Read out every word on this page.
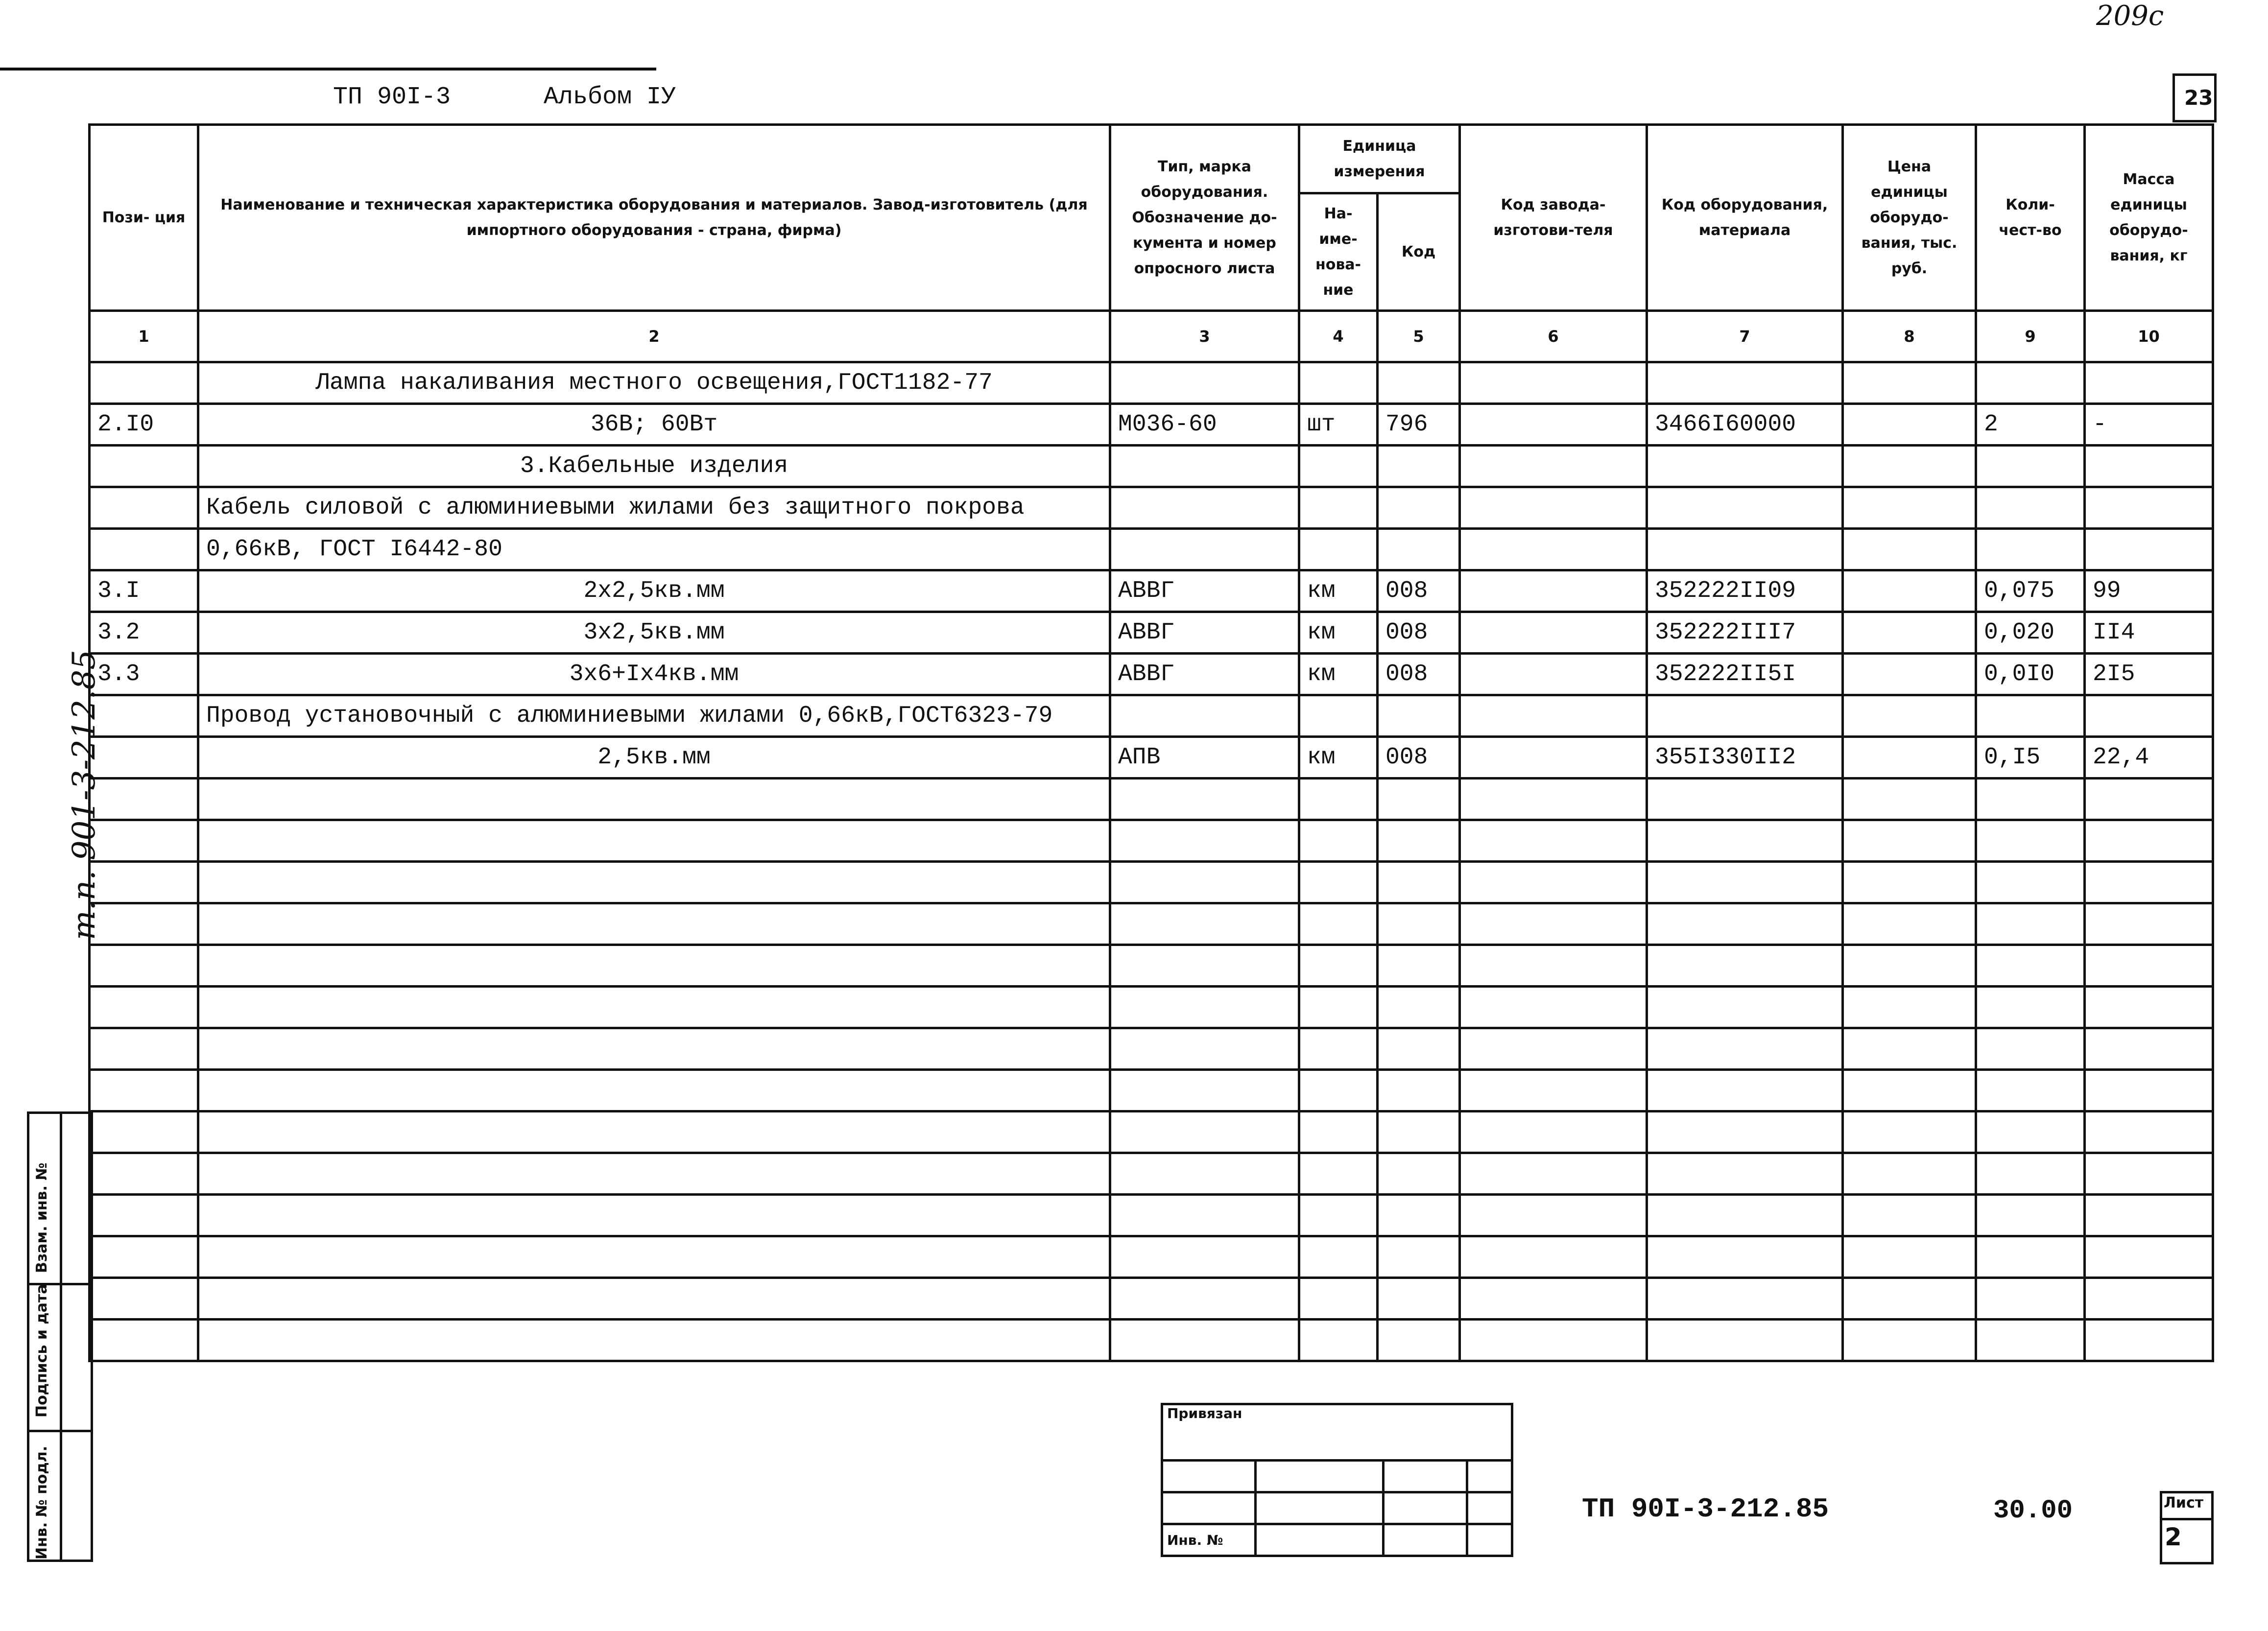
209с
ТП 90I-3	Альбом IУ	23
Пози- ция	Наименование и техническая характеристика оборудования и материалов. Завод-изготовитель (для импортного оборудования - страна, фирма)	Тип, марка оборудования. Обозначение до-кумента и номер опросного листа	Единица измерения		Код завода-изготови-теля	Код оборудования, материала	Цена единицы оборудо-вания, тыс. руб.	Коли-чест-во	Масса единицы оборудо-вания, кг
			На-име-нова-ние	Код					
1	2	3	4	5	6	7	8	9	10
	Лампа накаливания местного освещения,ГОСТ1182-77								
2.I0	36В; 60Вт	М036-60	шт	796		3466I60000		2	-
	3.Кабельные изделия								
	Кабель силовой с алюминиевыми жилами без защитного покрова								
	0,66кВ, ГОСТ I6442-80								
3.I	2х2,5кв.мм	АВВГ	км	008		352222II09		0,075	99
3.2	3х2,5кв.мм	АВВГ	км	008		352222III7		0,020	II4
3.3	3х6+Iх4кв.мм	АВВГ	км	008		352222II5I		0,0I0	2I5
	Провод установочный с алюминиевыми жилами 0,66кВ,ГОСТ6323-79								
	2,5кв.мм	АПВ	км	008		355I330II2		0,I5	22,4

Взам. инв. №
Подпись и дата
Инв. № подл.
т.п. 901-3-212.85
Привязан			

Инв. №			
ТП 90I-3-212.85	30.00	Лист
2
